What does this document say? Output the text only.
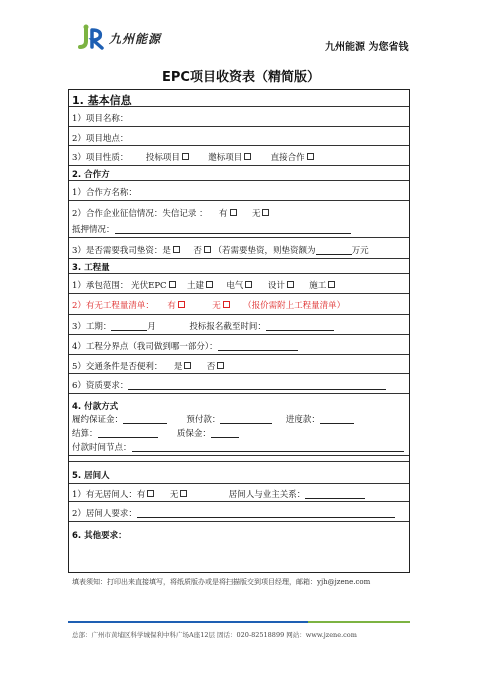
九州能源
九州能源 为您省钱
EPC项目收资表（精简版）
1. 基本信息
1）项目名称：
2）项目地点：
3）项目性质： 投标项目	邀标项目	直接合作
2. 合作方
1）合作方名称：
2）合作企业征信情况：失信记录 ： 有	无
抵押情况：
3）是否需要我司垫资：是	否 （若需要垫资，则垫资额为	万元
3. 工程量
1）承包范围： 光伏EPC 土建	电气	设计	施工
2）有无工程量清单： 有	无	（报价需附上工程量清单）
3）工期：	月	投标报名截至时间：
4）工程分界点（我司做到哪一部分）：
5）交通条件是否便利： 是	否
6）资质要求：
4. 付款方式
履约保证金：	预付款：	进度款：
结算：	质保金：
付款时间节点：
5. 居间人
1）有无居间人：有	无	居间人与业主关系：
2）居间人要求：
6. 其他要求：
填表须知：打印出来直接填写，将纸质版办或是将扫描版交到项目经理，邮箱：yjh@jzene.com
总部：广州市黄埔区科学城保利中科广场A座12层 固话：020-82518899 网站：www.jzene.com
